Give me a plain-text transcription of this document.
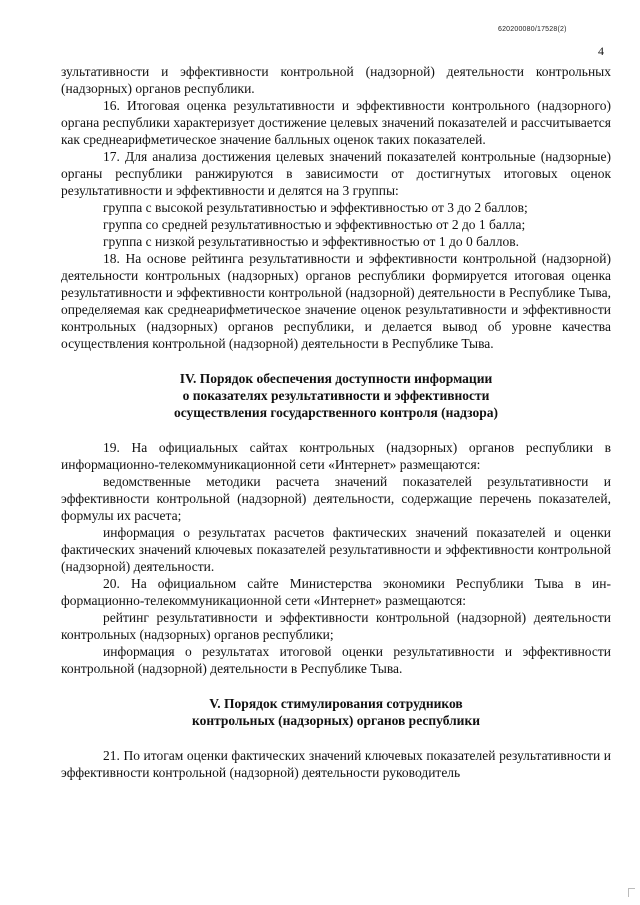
620200080/17528(2)
4

зультативности и эффективности контрольной (надзорной) деятельности контрольных (надзорных) органов республики.

16. Итоговая оценка результативности и эффективности контрольного (надзорного) органа республики характеризует достижение целевых значений показателей и рассчитывается как среднеарифметическое значение балльных оценок таких показателей.

17. Для анализа достижения целевых значений показателей контрольные (надзорные) органы республики ранжируются в зависимости от достигнутых итоговых оценок результативности и эффективности и делятся на 3 группы:

группа с высокой результативностью и эффективностью от 3 до 2 баллов;

группа со средней результативностью и эффективностью от 2 до 1 балла;

группа с низкой результативностью и эффективностью от 1 до 0 баллов.

18. На основе рейтинга результативности и эффективности контрольной (надзорной) деятельности контрольных (надзорных) органов республики формируется итоговая оценка результативности и эффективности контрольной (надзорной) деятельности в Республике Тыва, определяемая как среднеарифметическое значение оценок результативности и эффективности контрольных (надзорных) органов республики, и делается вывод об уровне качества осуществления контрольной (надзорной) деятельности в Республике Тыва.

IV. Порядок обеспечения доступности информации
о показателях результативности и эффективности
осуществления государственного контроля (надзора)

19. На официальных сайтах контрольных (надзорных) органов республики в информационно-телекоммуникационной сети «Интернет» размещаются:

ведомственные методики расчета значений показателей результативности и эффективности контрольной (надзорной) деятельности, содержащие перечень показателей, формулы их расчета;

информация о результатах расчетов фактических значений показателей и оценки фактических значений ключевых показателей результативности и эффективности контрольной (надзорной) деятельности.

20. На официальном сайте Министерства экономики Республики Тыва в информационно-телекоммуникационной сети «Интернет» размещаются:

рейтинг результативности и эффективности контрольной (надзорной) деятельности контрольных (надзорных) органов республики;

информация о результатах итоговой оценки результативности и эффективности контрольной (надзорной) деятельности в Республике Тыва.

V. Порядок стимулирования сотрудников
контрольных (надзорных) органов республики

21. По итогам оценки фактических значений ключевых показателей результативности и эффективности контрольной (надзорной) деятельности руководитель
